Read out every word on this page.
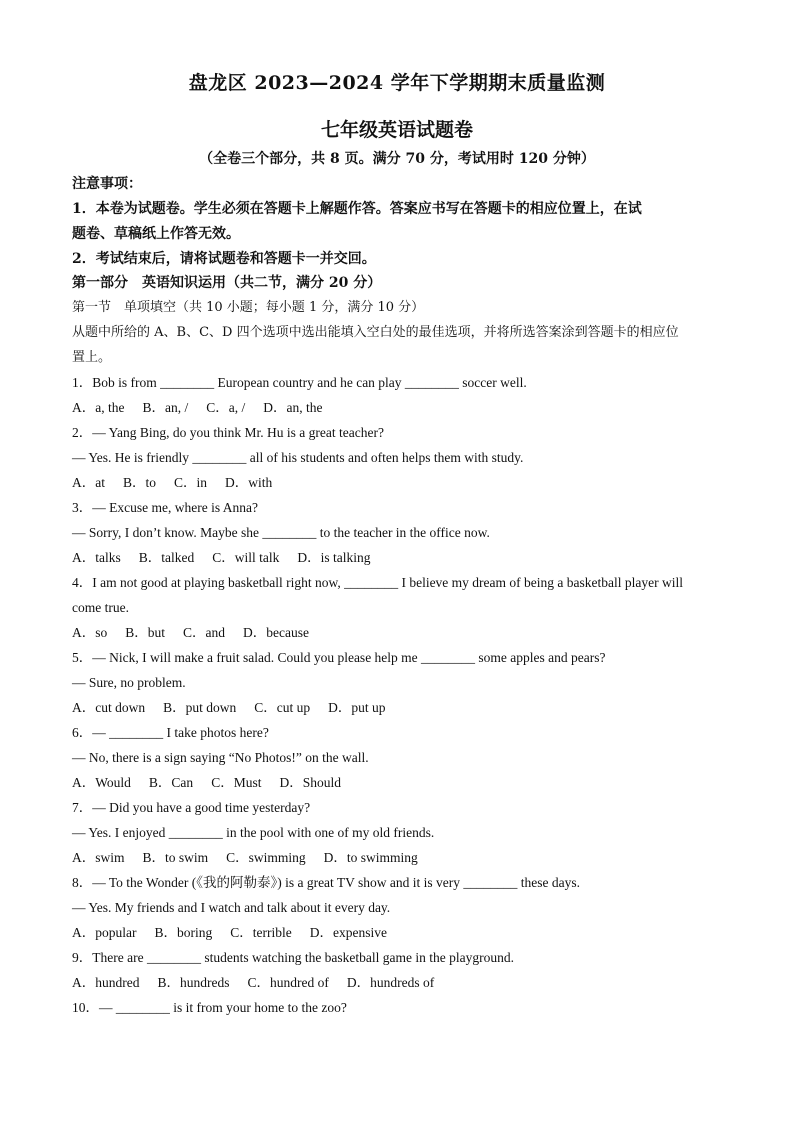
盘龙区 2023—2024 学年下学期期末质量监测
七年级英语试题卷
（全卷三个部分，共 8 页。满分 70 分，考试用时 120 分钟）
注意事项：
1．本卷为试题卷。学生必须在答题卡上解题作答。答案应书写在答题卡的相应位置上，在试
题卷、草稿纸上作答无效。
2．考试结束后，请将试题卷和答题卡一并交回。
第一部分　英语知识运用（共二节，满分 20 分）
第一节　单项填空（共 10 小题；每小题 1 分，满分 10 分）
从题中所给的 A、B、C、D 四个选项中选出能填入空白处的最佳选项，并将所选答案涂到答题卡的相应位
置上。
1．Bob is from ________ European country and he can play ________ soccer well.
A．a, the B．an, / C．a, / D．an, the
2．— Yang Bing, do you think Mr. Hu is a great teacher?
— Yes. He is friendly ________ all of his students and often helps them with study.
A．at B．to C．in D．with
3．— Excuse me, where is Anna?
— Sorry, I don’t know. Maybe she ________ to the teacher in the office now.
A．talks B．talked C．will talk D．is talking
4．I am not good at playing basketball right now, ________ I believe my dream of being a basketball player will
come true.
A．so B．but C．and D．because
5．— Nick, I will make a fruit salad. Could you please help me ________ some apples and pears?
— Sure, no problem.
A．cut down B．put down C．cut up D．put up
6．— ________ I take photos here?
— No, there is a sign saying “No Photos!” on the wall.
A．Would B．Can C．Must D．Should
7．— Did you have a good time yesterday?
— Yes. I enjoyed ________ in the pool with one of my old friends.
A．swim B．to swim C．swimming D．to swimming
8．— To the Wonder (《我的阿勒泰》) is a great TV show and it is very ________ these days.
— Yes. My friends and I watch and talk about it every day.
A．popular B．boring C．terrible D．expensive
9．There are ________ students watching the basketball game in the playground.
A．hundred B．hundreds C．hundred of D．hundreds of
10．— ________ is it from your home to the zoo?
